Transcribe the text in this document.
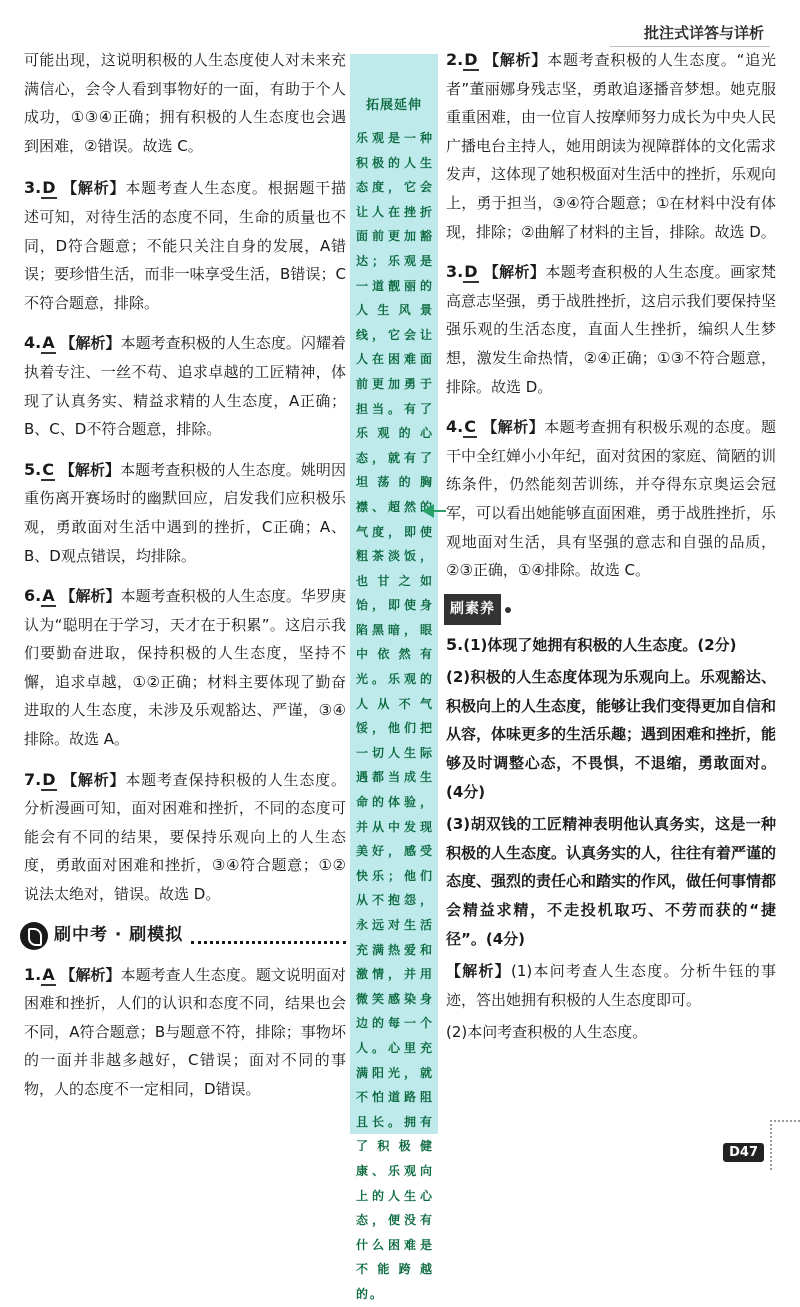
批注式详答与详析

可能出现，这说明积极的人生态度使人对未来充满信心，会令人看到事物好的一面，有助于个人成功，①③④正确；拥有积极的人生态度也会遇到困难，②错误。故选 C。

3.D 【解析】本题考查人生态度。根据题干描述可知，对待生活的态度不同，生命的质量也不同，D符合题意；不能只关注自身的发展，A错误；要珍惜生活，而非一味享受生活，B错误；C不符合题意，排除。

4.A 【解析】本题考查积极的人生态度。闪耀着执着专注、一丝不苟、追求卓越的工匠精神，体现了认真务实、精益求精的人生态度，A正确；B、C、D不符合题意，排除。

5.C 【解析】本题考查积极的人生态度。姚明因重伤离开赛场时的幽默回应，启发我们应积极乐观，勇敢面对生活中遇到的挫折，C正确；A、B、D观点错误，均排除。

6.A 【解析】本题考查积极的人生态度。华罗庚认为“聪明在于学习，天才在于积累”。这启示我们要勤奋进取，保持积极的人生态度，坚持不懈，追求卓越，①②正确；材料主要体现了勤奋进取的人生态度，未涉及乐观豁达、严谨，③④排除。故选 A。

7.D 【解析】本题考查保持积极的人生态度。分析漫画可知，面对困难和挫折，不同的态度可能会有不同的结果，要保持乐观向上的人生态度，勇敢面对困难和挫折，③④符合题意；①②说法太绝对，错误。故选 D。

刷中考 · 刷模拟

1.A 【解析】本题考查人生态度。题文说明面对困难和挫折，人们的认识和态度不同，结果也会不同，A符合题意；B与题意不符，排除；事物坏的一面并非越多越好，C错误；面对不同的事物，人的态度不一定相同，D错误。

拓展延伸
乐观是一种积极的人生态度，它会让人在挫折面前更加豁达；乐观是一道靓丽的人生风景线，它会让人在困难面前更加勇于担当。有了乐观的心态，就有了坦荡的胸襟、超然的气度，即使粗茶淡饭，也甘之如饴，即使身陷黑暗，眼中依然有光。乐观的人从不气馁，他们把一切人生际遇都当成生命的体验，并从中发现美好，感受快乐；他们从不抱怨，永远对生活充满热爱和激情，并用微笑感染身边的每一个人。心里充满阳光，就不怕道路阻且长。拥有了积极健康、乐观向上的人生心态，便没有什么困难是不能跨越的。

2.D 【解析】本题考查积极的人生态度。“追光者”董丽娜身残志坚，勇敢追逐播音梦想。她克服重重困难，由一位盲人按摩师努力成长为中央人民广播电台主持人，她用朗读为视障群体的文化需求发声，这体现了她积极面对生活中的挫折，乐观向上，勇于担当，③④符合题意；①在材料中没有体现，排除；②曲解了材料的主旨，排除。故选 D。

3.D 【解析】本题考查积极的人生态度。画家梵高意志坚强，勇于战胜挫折，这启示我们要保持坚强乐观的生活态度，直面人生挫折，编织人生梦想，激发生命热情，②④正确；①③不符合题意，排除。故选 D。

4.C 【解析】本题考查拥有积极乐观的态度。题干中全红婵小小年纪，面对贫困的家庭、简陋的训练条件，仍然能刻苦训练，并夺得东京奥运会冠军，可以看出她能够直面困难，勇于战胜挫折，乐观地面对生活，具有坚强的意志和自强的品质，②③正确，①④排除。故选 C。

刷素养

5.(1)体现了她拥有积极的人生态度。(2分)

(2)积极的人生态度体现为乐观向上。乐观豁达、积极向上的人生态度，能够让我们变得更加自信和从容，体味更多的生活乐趣；遇到困难和挫折，能够及时调整心态，不畏惧，不退缩，勇敢面对。(4分)

(3)胡双钱的工匠精神表明他认真务实，这是一种积极的人生态度。认真务实的人，往往有着严谨的态度、强烈的责任心和踏实的作风，做任何事情都会精益求精，不走投机取巧、不劳而获的“捷径”。(4分)

【解析】(1)本问考查人生态度。分析牛钰的事迹，答出她拥有积极的人生态度即可。

(2)本问考查积极的人生态度。

D47
